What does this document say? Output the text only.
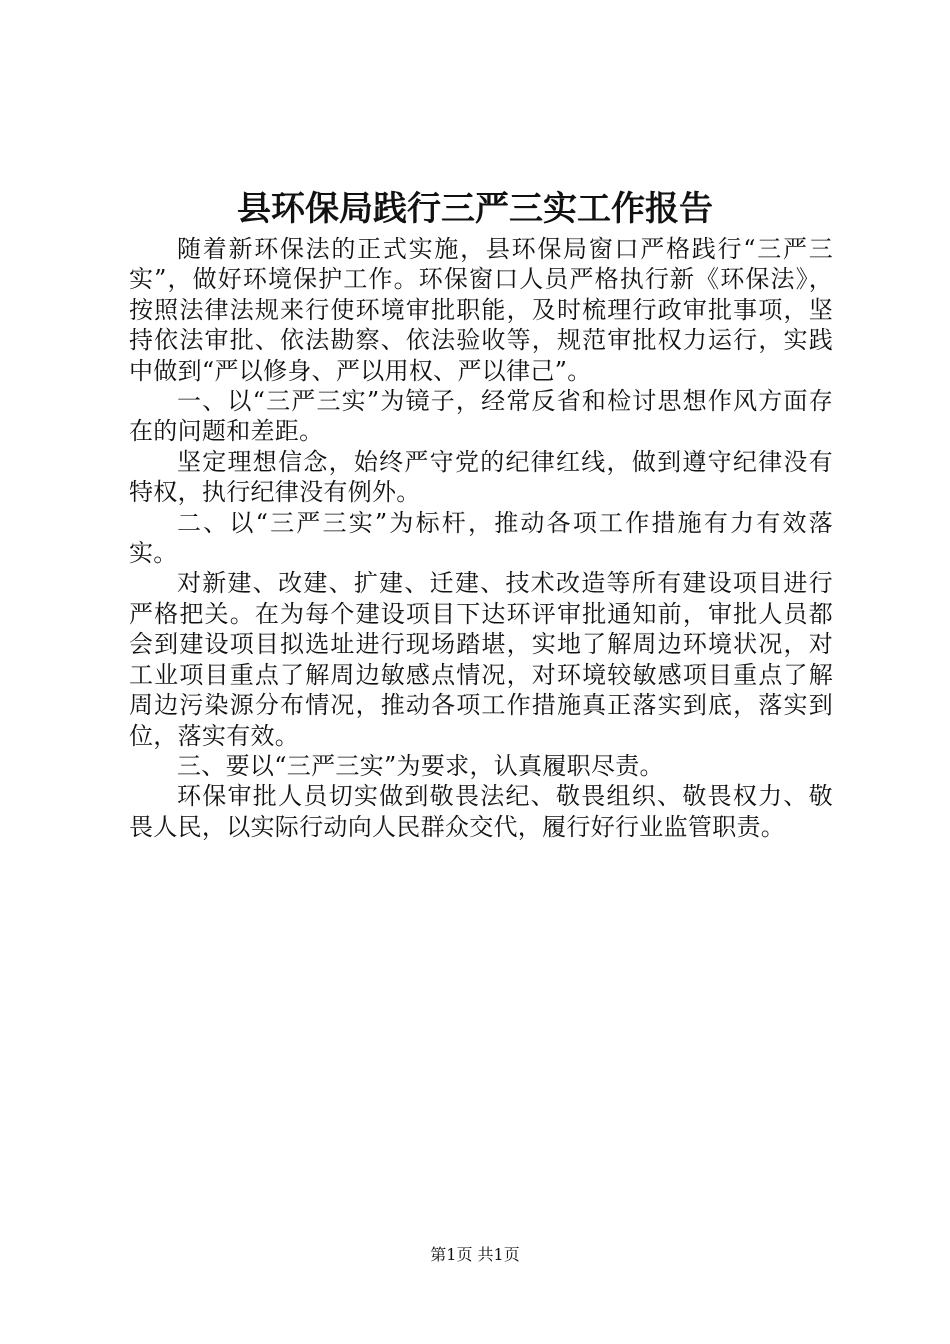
县环保局践行三严三实工作报告

随着新环保法的正式实施，县环保局窗口严格践行“三严三实”，做好环境保护工作。环保窗口人员严格执行新《环保法》，按照法律法规来行使环境审批职能，及时梳理行政审批事项，坚持依法审批、依法勘察、依法验收等，规范审批权力运行，实践中做到“严以修身、严以用权、严以律己”。

一、以“三严三实”为镜子，经常反省和检讨思想作风方面存在的问题和差距。

坚定理想信念，始终严守党的纪律红线，做到遵守纪律没有特权，执行纪律没有例外。

二、以“三严三实”为标杆，推动各项工作措施有力有效落实。

对新建、改建、扩建、迁建、技术改造等所有建设项目进行严格把关。在为每个建设项目下达环评审批通知前，审批人员都会到建设项目拟选址进行现场踏堪，实地了解周边环境状况，对工业项目重点了解周边敏感点情况，对环境较敏感项目重点了解周边污染源分布情况，推动各项工作措施真正落实到底，落实到位，落实有效。

三、要以“三严三实”为要求，认真履职尽责。

环保审批人员切实做到敬畏法纪、敬畏组织、敬畏权力、敬畏人民，以实际行动向人民群众交代，履行好行业监管职责。

第1页 共1页
